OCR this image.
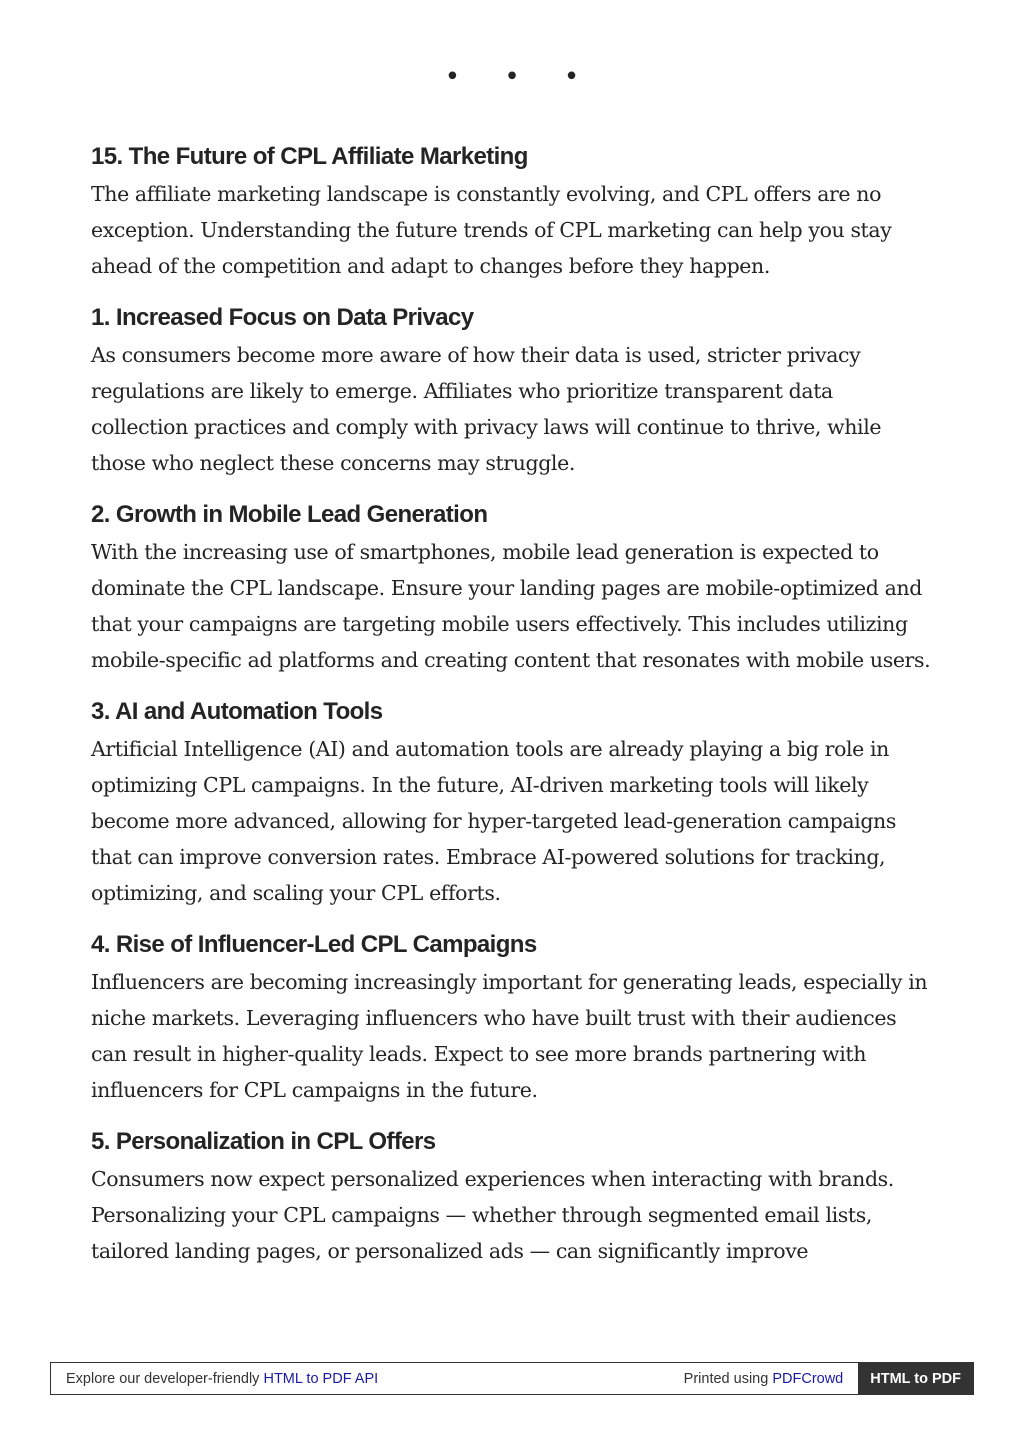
• • •
15. The Future of CPL Affiliate Marketing

The affiliate marketing landscape is constantly evolving, and CPL offers are no exception. Understanding the future trends of CPL marketing can help you stay ahead of the competition and adapt to changes before they happen.

1. Increased Focus on Data Privacy

As consumers become more aware of how their data is used, stricter privacy regulations are likely to emerge. Affiliates who prioritize transparent data collection practices and comply with privacy laws will continue to thrive, while those who neglect these concerns may struggle.

2. Growth in Mobile Lead Generation

With the increasing use of smartphones, mobile lead generation is expected to dominate the CPL landscape. Ensure your landing pages are mobile-optimized and that your campaigns are targeting mobile users effectively. This includes utilizing mobile-specific ad platforms and creating content that resonates with mobile users.

3. AI and Automation Tools

Artificial Intelligence (AI) and automation tools are already playing a big role in optimizing CPL campaigns. In the future, AI-driven marketing tools will likely become more advanced, allowing for hyper-targeted lead-generation campaigns that can improve conversion rates. Embrace AI-powered solutions for tracking, optimizing, and scaling your CPL efforts.

4. Rise of Influencer-Led CPL Campaigns

Influencers are becoming increasingly important for generating leads, especially in niche markets. Leveraging influencers who have built trust with their audiences can result in higher-quality leads. Expect to see more brands partnering with influencers for CPL campaigns in the future.

5. Personalization in CPL Offers

Consumers now expect personalized experiences when interacting with brands. Personalizing your CPL campaigns — whether through segmented email lists, tailored landing pages, or personalized ads — can significantly improve

Explore our developer-friendly HTML to PDF API	Printed using PDFCrowd	HTML to PDF
